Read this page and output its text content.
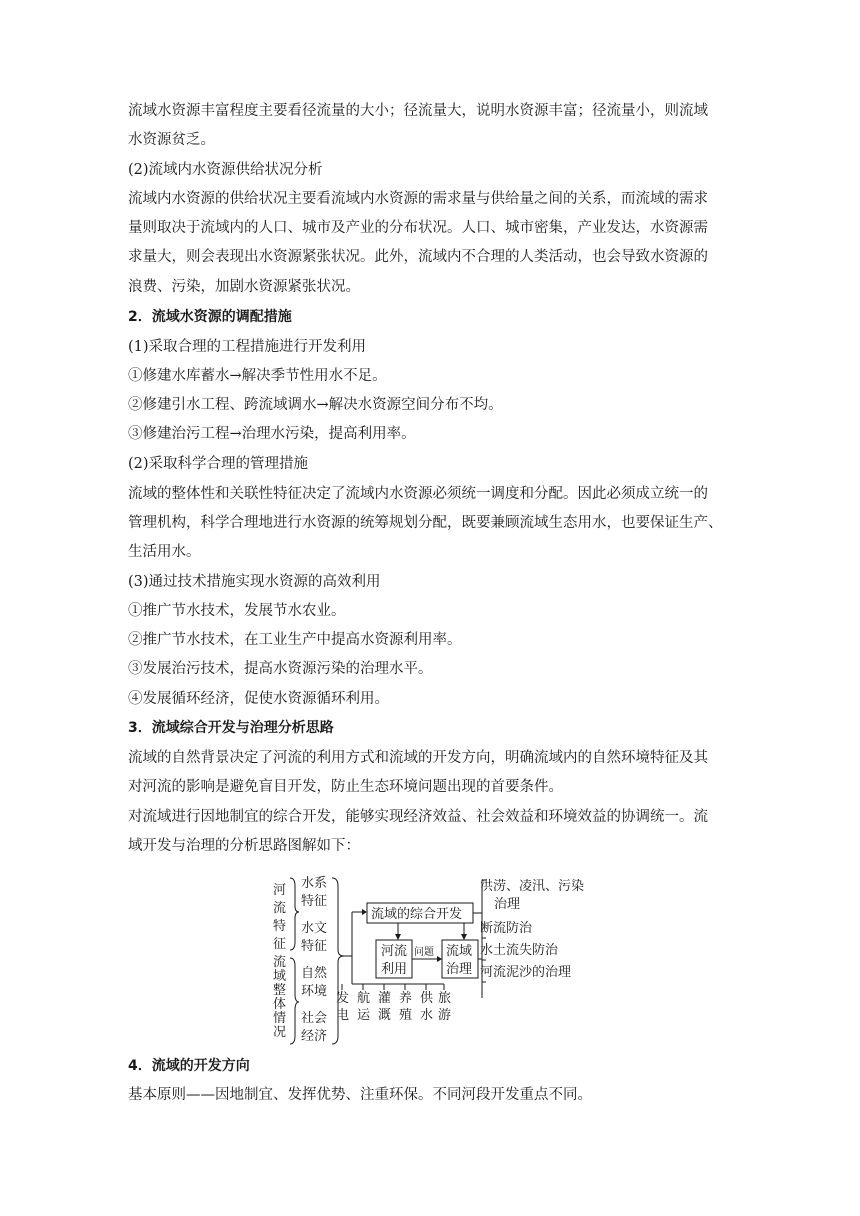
流域水资源丰富程度主要看径流量的大小；径流量大，说明水资源丰富；径流量小，则流域
水资源贫乏。
(2)流域内水资源供给状况分析
流域内水资源的供给状况主要看流域内水资源的需求量与供给量之间的关系，而流域的需求
量则取决于流域内的人口、城市及产业的分布状况。人口、城市密集，产业发达，水资源需
求量大，则会表现出水资源紧张状况。此外，流域内不合理的人类活动，也会导致水资源的
浪费、污染，加剧水资源紧张状况。
2．流域水资源的调配措施
(1)采取合理的工程措施进行开发利用
①修建水库蓄水→解决季节性用水不足。
②修建引水工程、跨流域调水→解决水资源空间分布不均。
③修建治污工程→治理水污染，提高利用率。
(2)采取科学合理的管理措施
流域的整体性和关联性特征决定了流域内水资源必须统一调度和分配。因此必须成立统一的
管理机构，科学合理地进行水资源的统筹规划分配，既要兼顾流域生态用水，也要保证生产、
生活用水。
(3)通过技术措施实现水资源的高效利用
①推广节水技术，发展节水农业。
②推广节水技术，在工业生产中提高水资源利用率。
③发展治污技术，提高水资源污染的治理水平。
④发展循环经济，促使水资源循环利用。
3．流域综合开发与治理分析思路
流域的自然背景决定了河流的利用方式和流域的开发方向，明确流域内的自然环境特征及其
对河流的影响是避免盲目开发，防止生态环境问题出现的首要条件。
对流域进行因地制宜的综合开发，能够实现经济效益、社会效益和环境效益的协调统一。流
域开发与治理的分析思路图解如下：
河
流
特
征
流
域
整
体
情
况
水系
特征
水文
特征
自然
环境
社会
经济
流域的综合开发
河流
利用
问题 流域
治理
洪涝、凌汛、污染
治理
断流防治
水土流失防治
河流泥沙的治理
发
电
航
运
灌
溉
养
殖
供
水
旅
游
4．流域的开发方向
基本原则——因地制宜、发挥优势、注重环保。不同河段开发重点不同。
